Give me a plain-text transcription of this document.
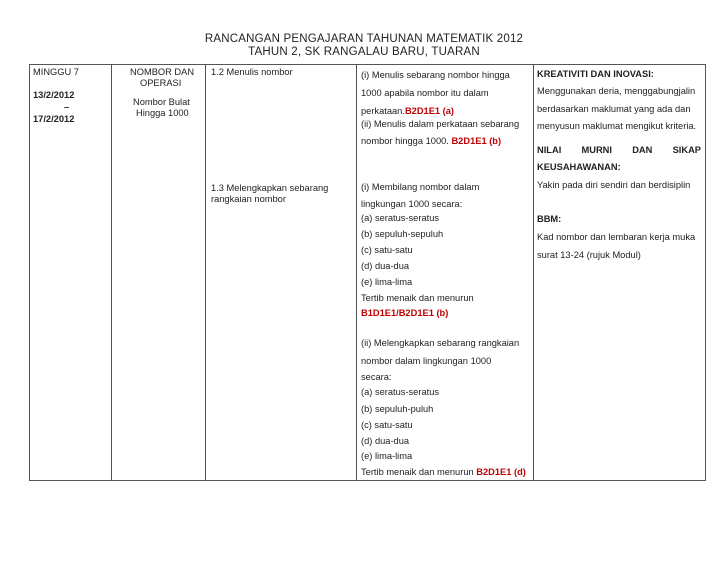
RANCANGAN PENGAJARAN TAHUNAN MATEMATIK 2012
TAHUN 2, SK RANGALAU BARU, TUARAN
MINGGU 7
13/2/2012
–
17/2/2012

NOMBOR DAN
OPERASI
Nombor Bulat
Hingga 1000

1.2 Menulis nombor
1.3 Melengkapkan sebarang
rangkaian nombor

(i) Menulis sebarang nombor hingga
1000 apabila nombor itu dalam
perkataan.B2D1E1 (a)
(ii) Menulis dalam perkataan sebarang
nombor hingga 1000. B2D1E1 (b)
(i) Membilang nombor dalam
lingkungan 1000 secara:
(a) seratus-seratus
(b) sepuluh-sepuluh
(c) satu-satu
(d) dua-dua
(e) lima-lima
Tertib menaik dan menurun
B1D1E1/B2D1E1 (b)
(ii) Melengkapkan sebarang rangkaian
nombor dalam lingkungan 1000
secara:
(a) seratus-seratus
(b) sepuluh-puluh
(c) satu-satu
(d) dua-dua
(e) lima-lima
Tertib menaik dan menurun B2D1E1 (d)

KREATIVITI DAN INOVASI:
Menggunakan deria, menggabungjalin
berdasarkan maklumat yang ada dan
menyusun maklumat mengikut kriteria.
NILAI MURNI DAN SIKAP
KEUSAHAWANAN:
Yakin pada diri sendiri dan berdisiplin
BBM:
Kad nombor dan lembaran kerja muka
surat 13-24 (rujuk Modul)
